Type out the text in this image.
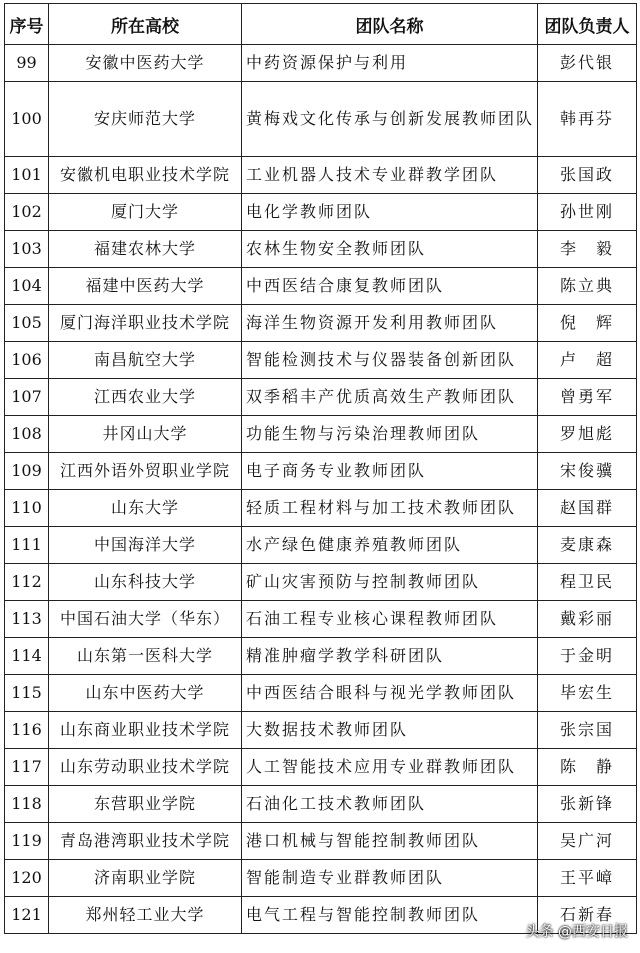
序号	所在高校	团队名称	团队负责人
99	安徽中医药大学	中药资源保护与利用	彭代银
100	安庆师范大学	黄梅戏文化传承与创新发展教师团队	韩再芬
101	安徽机电职业技术学院	工业机器人技术专业群教学团队	张国政
102	厦门大学	电化学教师团队	孙世刚
103	福建农林大学	农林生物安全教师团队	李　毅
104	福建中医药大学	中西医结合康复教师团队	陈立典
105	厦门海洋职业技术学院	海洋生物资源开发利用教师团队	倪　辉
106	南昌航空大学	智能检测技术与仪器装备创新团队	卢　超
107	江西农业大学	双季稻丰产优质高效生产教师团队	曾勇军
108	井冈山大学	功能生物与污染治理教师团队	罗旭彪
109	江西外语外贸职业学院	电子商务专业教师团队	宋俊骥
110	山东大学	轻质工程材料与加工技术教师团队	赵国群
111	中国海洋大学	水产绿色健康养殖教师团队	麦康森
112	山东科技大学	矿山灾害预防与控制教师团队	程卫民
113	中国石油大学（华东）	石油工程专业核心课程教师团队	戴彩丽
114	山东第一医科大学	精准肿瘤学教学科研团队	于金明
115	山东中医药大学	中西医结合眼科与视光学教师团队	毕宏生
116	山东商业职业技术学院	大数据技术教师团队	张宗国
117	山东劳动职业技术学院	人工智能技术应用专业群教师团队	陈　静
118	东营职业学院	石油化工技术教师团队	张新锋
119	青岛港湾职业技术学院	港口机械与智能控制教师团队	吴广河
120	济南职业学院	智能制造专业群教师团队	王平嶂
121	郑州轻工业大学	电气工程与智能控制教师团队	石新春
头条 @西安日报
